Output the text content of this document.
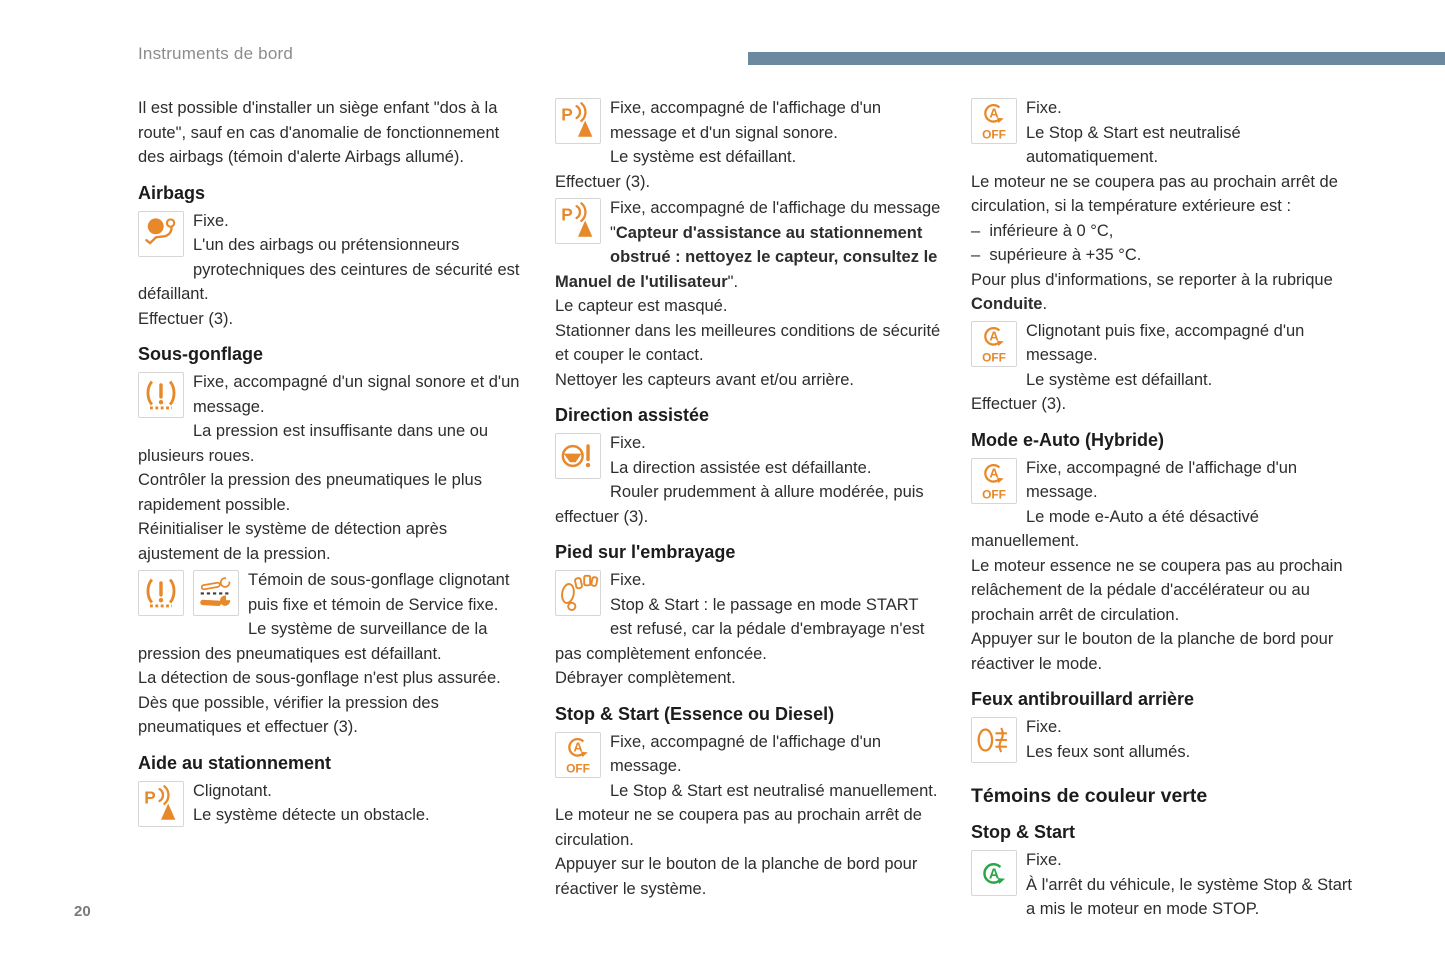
Instruments de bord

Il est possible d'installer un siège enfant "dos à la route", sauf en cas d'anomalie de fonctionnement des airbags (témoin d'alerte Airbags allumé).

Airbags

Fixe.

L'un des airbags ou prétensionneurs pyrotechniques des ceintures de sécurité est défaillant.

Effectuer (3).

Sous-gonflage

Fixe, accompagné d'un signal sonore et d'un message.

La pression est insuffisante dans une ou plusieurs roues.

Contrôler la pression des pneumatiques le plus rapidement possible.

Réinitialiser le système de détection après ajustement de la pression.

Témoin de sous-gonflage clignotant puis fixe et témoin de Service fixe.

Le système de surveillance de la pression des pneumatiques est défaillant.

La détection de sous-gonflage n'est plus assurée.

Dès que possible, vérifier la pression des pneumatiques et effectuer (3).

Aide au stationnement
P	Clignotant.

Le système détecte un obstacle.

P	Fixe, accompagné de l'affichage d'un message et d'un signal sonore.

Le système est défaillant.

Effectuer (3).

P	Fixe, accompagné de l'affichage du message "Capteur d'assistance au stationnement obstrué : nettoyez le capteur, consultez le Manuel de l'utilisateur".

Le capteur est masqué.

Stationner dans les meilleures conditions de sécurité et couper le contact.

Nettoyer les capteurs avant et/ou arrière.

Direction assistée

Fixe.

La direction assistée est défaillante.

Rouler prudemment à allure modérée, puis effectuer (3).

Pied sur l'embrayage

Fixe.

Stop & Start : le passage en mode START est refusé, car la pédale d'embrayage n'est pas complètement enfoncée.

Débrayer complètement.

Stop & Start (Essence ou Diesel)
A
OFF

Fixe, accompagné de l'affichage d'un message.

Le Stop & Start est neutralisé manuellement.

Le moteur ne se coupera pas au prochain arrêt de circulation.

Appuyer sur le bouton de la planche de bord pour réactiver le système.

A
OFF

Fixe.

Le Stop & Start est neutralisé automatiquement.

Le moteur ne se coupera pas au prochain arrêt de circulation, si la température extérieure est :

–  inférieure à 0 °C,

–  supérieure à +35 °C.

Pour plus d'informations, se reporter à la rubrique Conduite.

A
OFF

Clignotant puis fixe, accompagné d'un message.

Le système est défaillant.

Effectuer (3).

Mode e-Auto (Hybride)
A
OFF

Fixe, accompagné de l'affichage d'un message.

Le mode e-Auto a été désactivé manuellement.

Le moteur essence ne se coupera pas au prochain relâchement de la pédale d'accélérateur ou au prochain arrêt de circulation.

Appuyer sur le bouton de la planche de bord pour réactiver le mode.

Feux antibrouillard arrière

Fixe.

Les feux sont allumés.

Témoins de couleur verte
Stop & Start
A

Fixe.

À l'arrêt du véhicule, le système Stop & Start a mis le moteur en mode STOP.

20
